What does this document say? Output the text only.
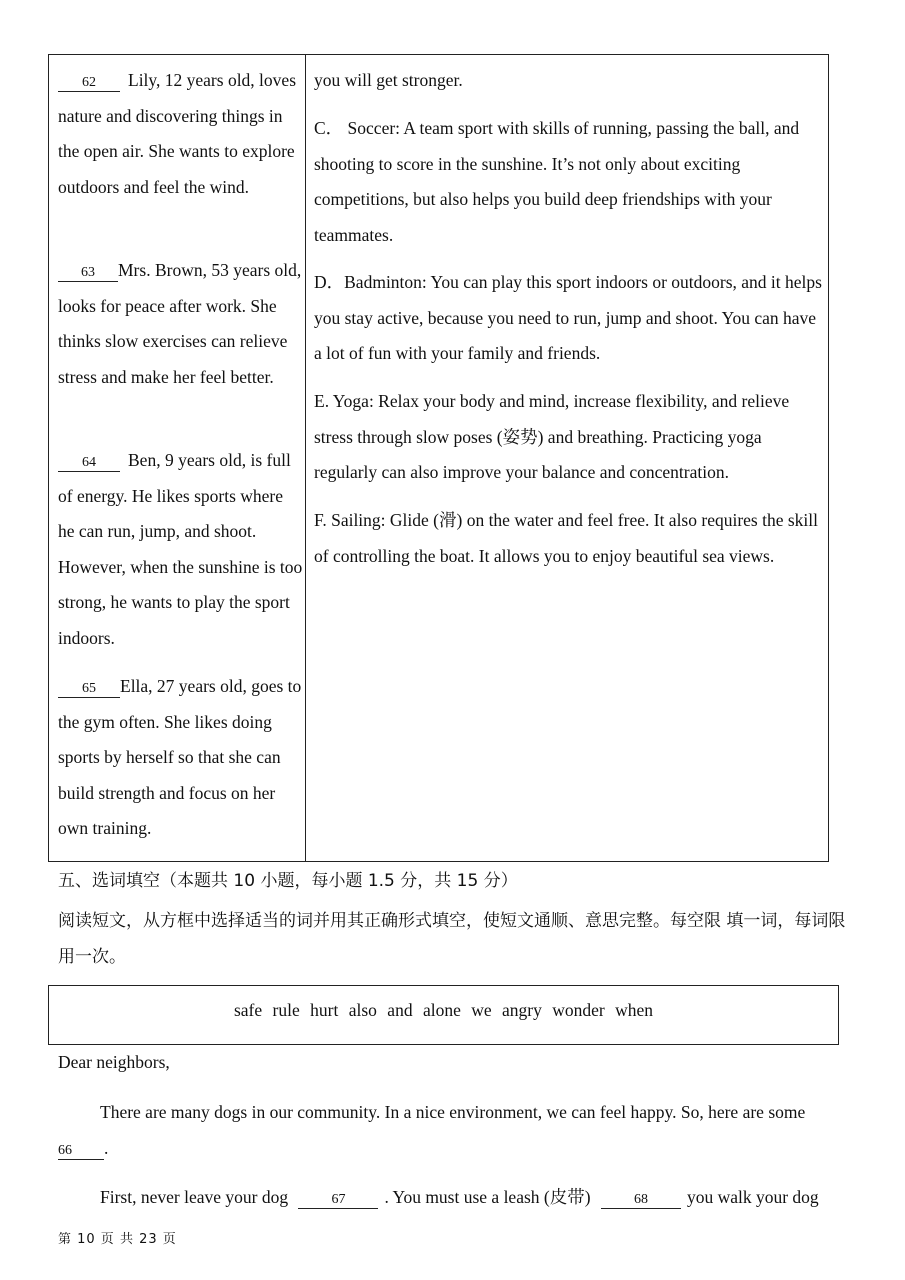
62 Lily, 12 years old, loves nature and discovering things in the open air. She wants to explore outdoors and feel the wind.
63 Mrs. Brown, 53 years old, looks for peace after work. She thinks slow exercises can relieve stress and make her feel better.
64 Ben, 9 years old, is full of energy. He likes sports where he can run, jump, and shoot. However, when the sunshine is too strong, he wants to play the sport indoors.
65 Ella, 27 years old, goes to the gym often. She likes doing sports by herself so that she can build strength and focus on her own training.
you will get stronger.
C． Soccer: A team sport with skills of running, passing the ball, and shooting to score in the sunshine. It’s not only about exciting competitions, but also helps you build deep friendships with your teammates.
D．Badminton: You can play this sport indoors or outdoors, and it helps you stay active, because you need to run, jump and shoot. You can have a lot of fun with your family and friends.
E. Yoga: Relax your body and mind, increase flexibility, and relieve stress through slow poses (姿势) and breathing. Practicing yoga regularly can also improve your balance and concentration.
F. Sailing: Glide (滑) on the water and feel free. It also requires the skill of controlling the boat. It allows you to enjoy beautiful sea views.
五、选词填空（本题共 10 小题，每小题 1.5 分，共 15 分）
阅读短文，从方框中选择适当的词并用其正确形式填空，使短文通顺、意思完整。每空限 填一词，每词限用一次。
safe rule hurt also and alone we angry wonder when
Dear neighbors,
There are many dogs in our community. In a nice environment, we can feel happy. So, here are some
66 .
First, never leave your dog	67 . You must use a leash (皮带)	68 you walk your dog
第 10 页 共 23 页
